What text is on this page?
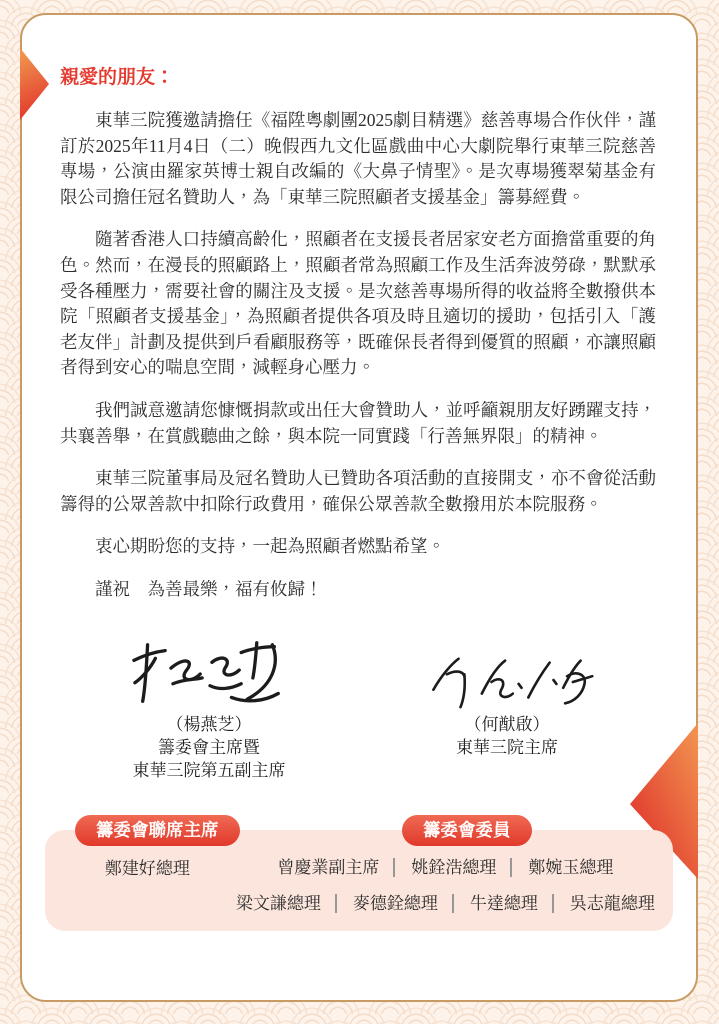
親愛的朋友：

東華三院獲邀請擔任《福陞粵劇團2025劇目精選》慈善專場合作伙伴，謹訂於2025年11月4日（二）晚假西九文化區戲曲中心大劇院舉行東華三院慈善專場，公演由羅家英博士親自改編的《大鼻子情聖》。是次專場獲翠菊基金有限公司擔任冠名贊助人，為「東華三院照顧者支援基金」籌募經費。

隨著香港人口持續高齡化，照顧者在支援長者居家安老方面擔當重要的角色。然而，在漫長的照顧路上，照顧者常為照顧工作及生活奔波勞碌，默默承受各種壓力，需要社會的關注及支援。是次慈善專場所得的收益將全數撥供本院「照顧者支援基金」，為照顧者提供各項及時且適切的援助，包括引入「護老友伴」計劃及提供到戶看顧服務等，既確保長者得到優質的照顧，亦讓照顧者得到安心的喘息空間，減輕身心壓力。

我們誠意邀請您慷慨捐款或出任大會贊助人，並呼籲親朋友好踴躍支持，共襄善舉，在賞戲聽曲之餘，與本院一同實踐「行善無界限」的精神。

東華三院董事局及冠名贊助人已贊助各項活動的直接開支，亦不會從活動籌得的公眾善款中扣除行政費用，確保公眾善款全數撥用於本院服務。

衷心期盼您的支持，一起為照顧者燃點希望。

謹祝　為善最樂，福有攸歸！

（楊燕芝）
籌委會主席暨
東華三院第五副主席
（何猷啟）
東華三院主席
籌委會聯席主席	籌委會委員
鄭建好總理	曾慶業副主席 姚銓浩總理 鄭婉玉總理
梁文謙總理 麥德銓總理 牛達總理 吳志龍總理
